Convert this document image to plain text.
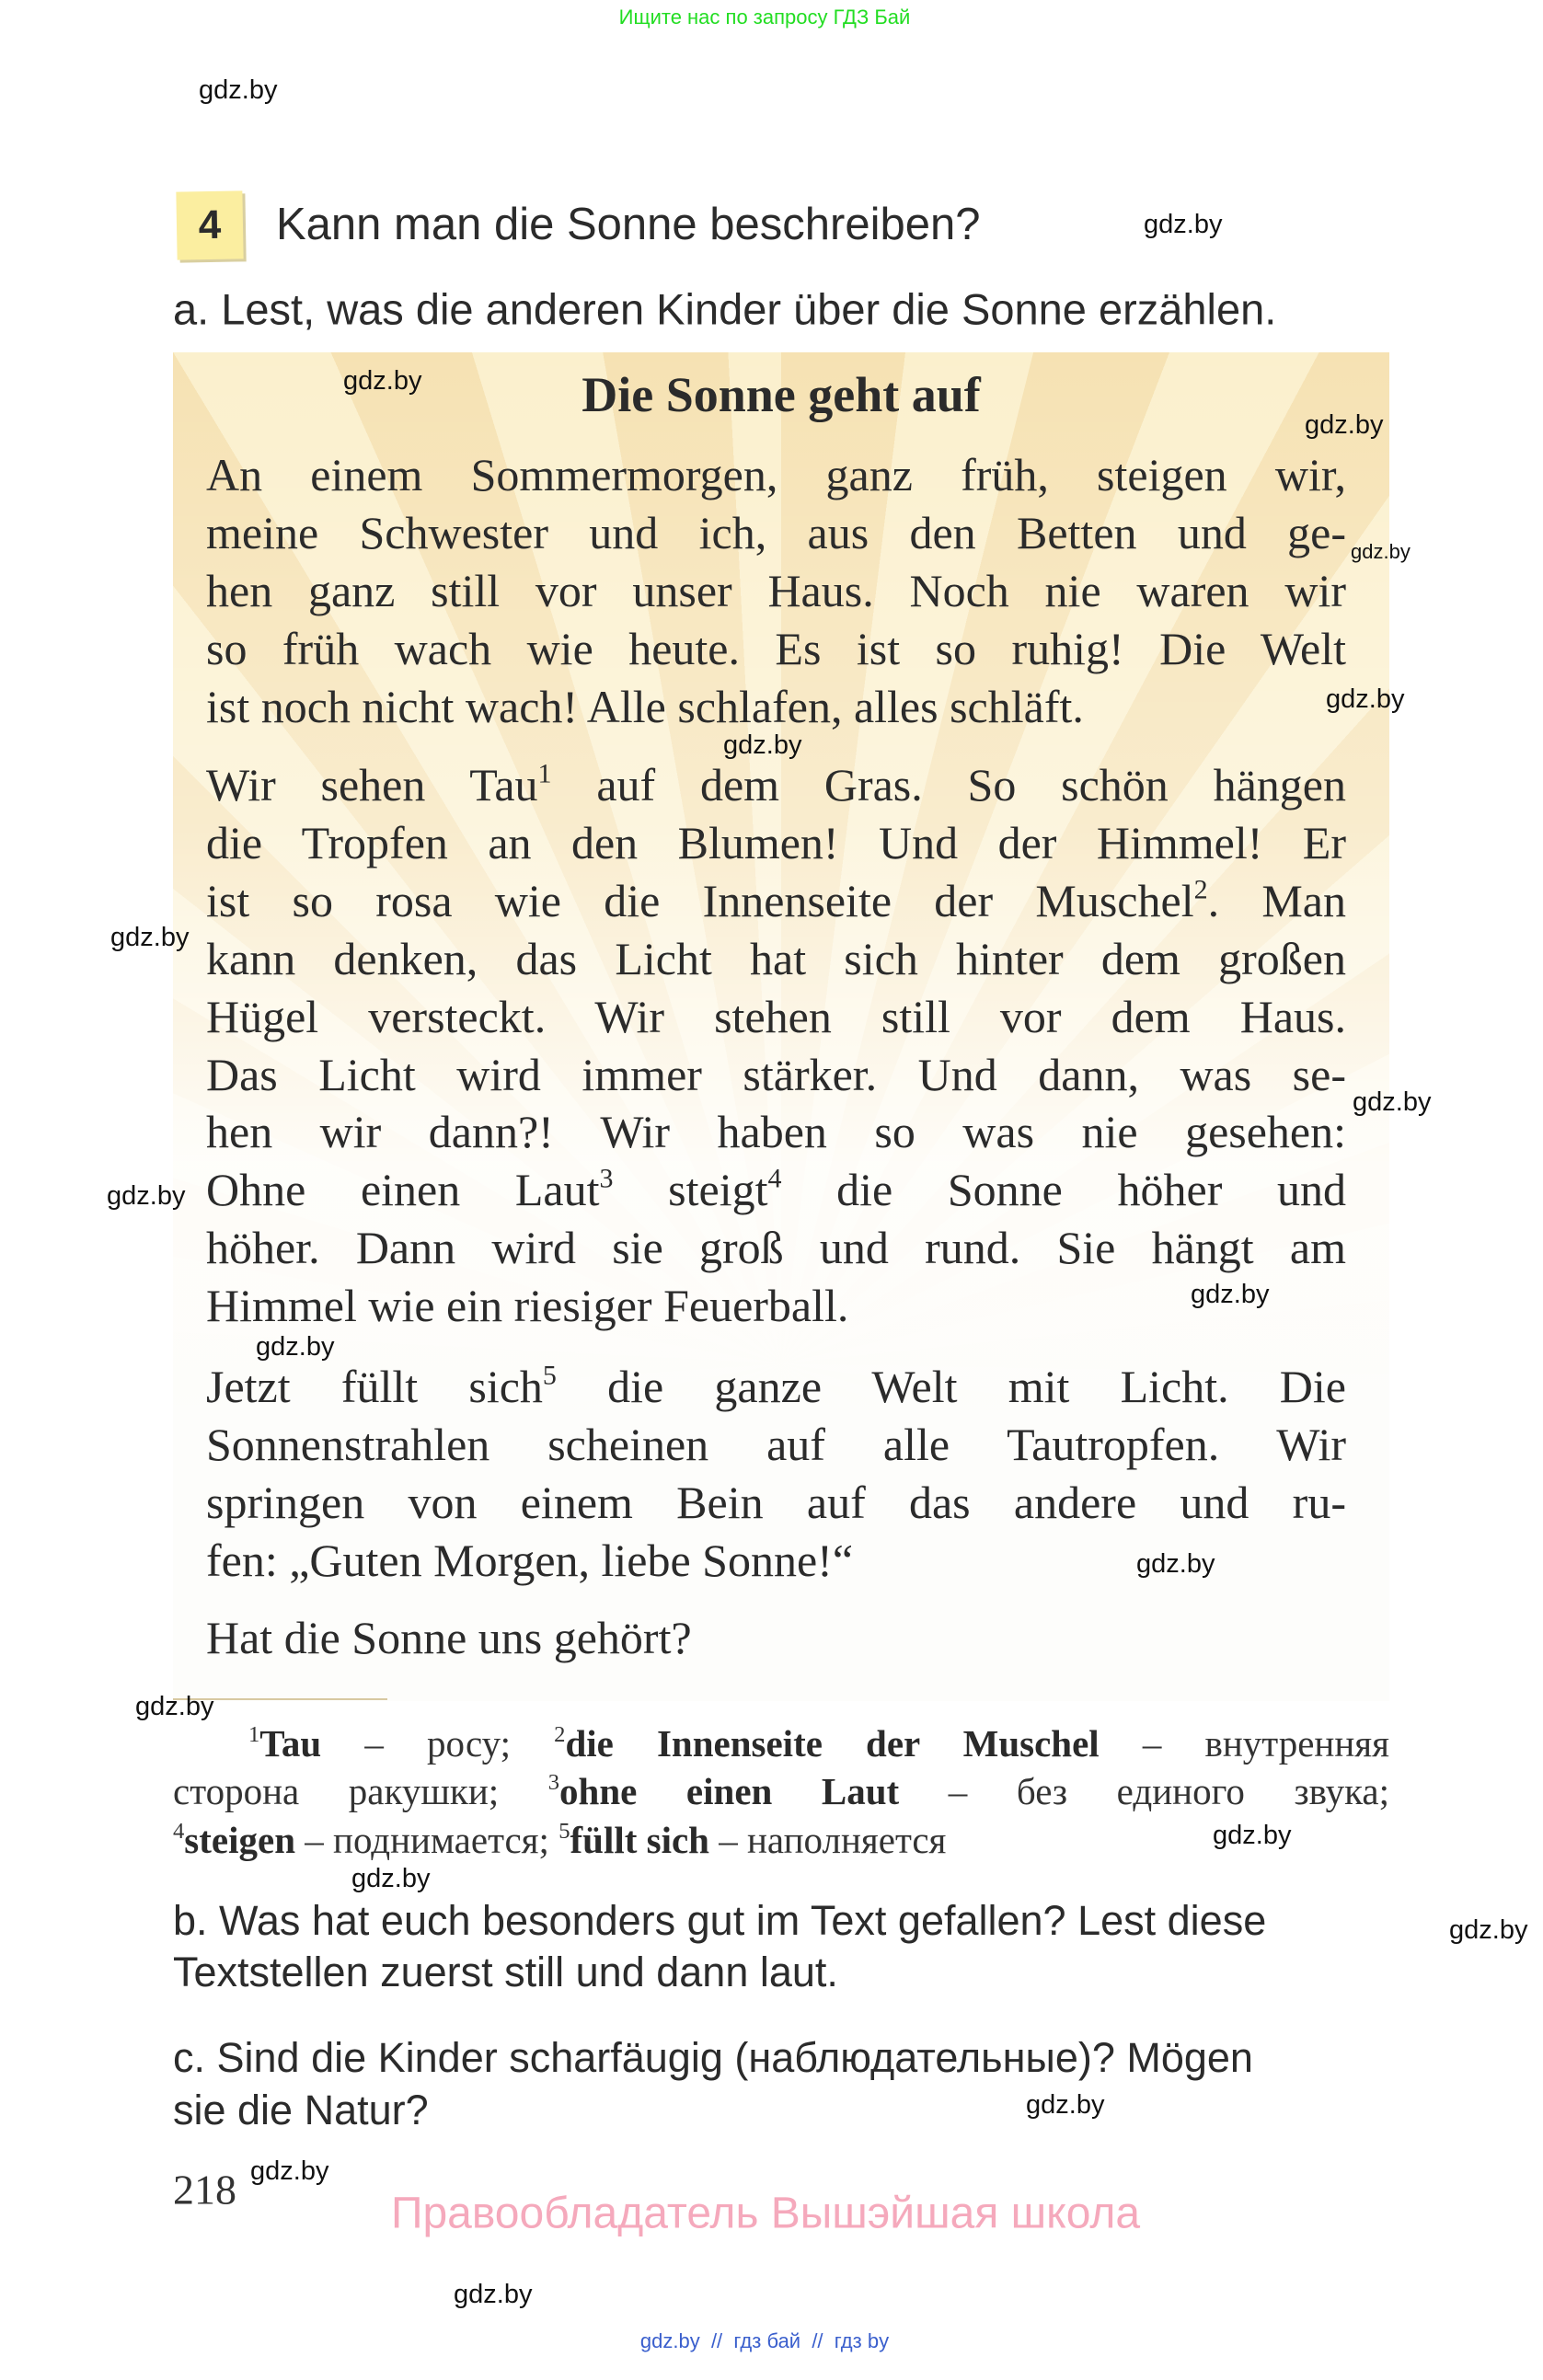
Ищите нас по запросу ГДЗ Бай
4	Kann man die Sonne beschreiben?
a. Lest, was die anderen Kinder über die Sonne erzählen.
Die Sonne geht auf
An einem Sommermorgen, ganz früh, steigen wir,
meine Schwester und ich, aus den Betten und ge-
hen ganz still vor unser Haus. Noch nie waren wir
so früh wach wie heute. Es ist so ruhig! Die Welt
ist noch nicht wach! Alle schlafen, alles schläft.
Wir sehen Tau$^1$ auf dem Gras. So schön hängen
die Tropfen an den Blumen! Und der Himmel! Er
ist so rosa wie die Innenseite der Muschel$^2$. Man
kann denken, das Licht hat sich hinter dem großen
Hügel versteckt. Wir stehen still vor dem Haus.
Das Licht wird immer stärker. Und dann, was se-
hen wir dann?! Wir haben so was nie gesehen:
Ohne einen Laut$^3$ steigt$^4$ die Sonne höher und
höher. Dann wird sie groß und rund. Sie hängt am
Himmel wie ein riesiger Feuerball.
Jetzt füllt sich$^5$ die ganze Welt mit Licht. Die
Sonnenstrahlen scheinen auf alle Tautropfen. Wir
springen von einem Bein auf das andere und ru-
fen: „Guten Morgen, liebe Sonne!“
Hat die Sonne uns gehört?
$^1$Tau – росу; $^2$die Innenseite der Muschel – внутренняя
сторона ракушки; $^3$ohne einen Laut – без единого звука;
$^4$steigen – поднимается; $^5$füllt sich – наполняется
b. Was hat euch besonders gut im Text gefallen? Lest diese
Textstellen zuerst still und dann laut.
c. Sind die Kinder scharfäugig (наблюдательные)? Mögen
sie die Natur?
218	Правообладатель Вышэйшая школа
gdz.by  //  гдз бай  //  гдз by
gdz.by
gdz.by
gdz.by
gdz.by
gdz.by
gdz.by
gdz.by
gdz.by
gdz.by
gdz.by
gdz.by
gdz.by
gdz.by
gdz.by
gdz.by
gdz.by
gdz.by
gdz.by
gdz.by
gdz.by
